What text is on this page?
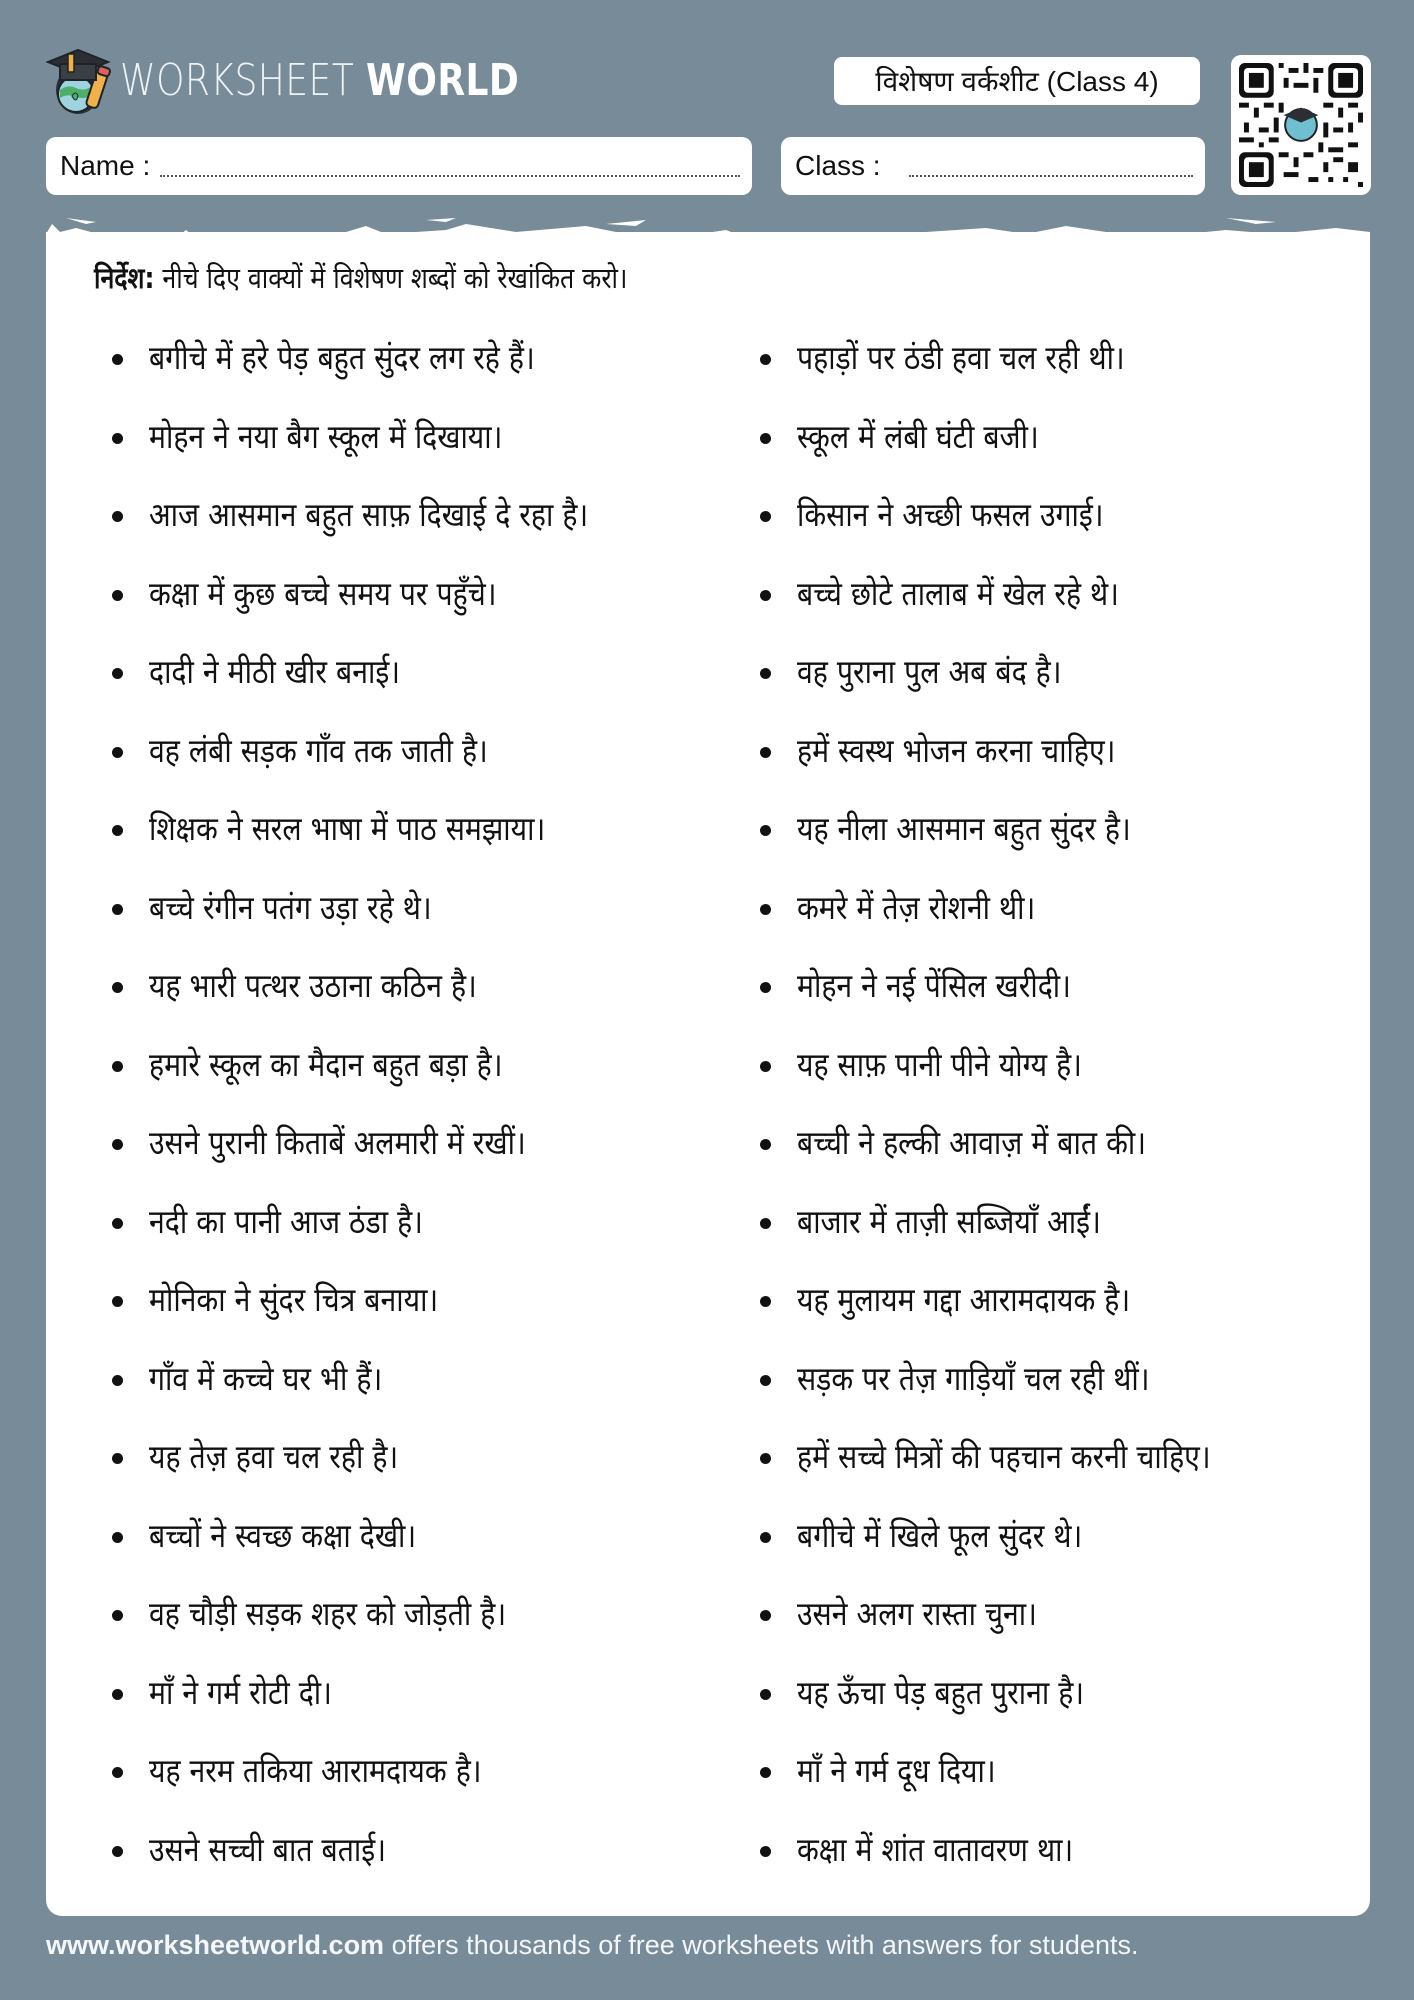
WORKSHEET WORLD	विशेषण वर्कशीट (Class 4)
Name :	Class :
निर्देश: नीचे दिए वाक्यों में विशेषण शब्दों को रेखांकित करो।
बगीचे में हरे पेड़ बहुत सुंदर लग रहे हैं।
मोहन ने नया बैग स्कूल में दिखाया।
आज आसमान बहुत साफ़ दिखाई दे रहा है।
कक्षा में कुछ बच्चे समय पर पहुँचे।
दादी ने मीठी खीर बनाई।
वह लंबी सड़क गाँव तक जाती है।
शिक्षक ने सरल भाषा में पाठ समझाया।
बच्चे रंगीन पतंग उड़ा रहे थे।
यह भारी पत्थर उठाना कठिन है।
हमारे स्कूल का मैदान बहुत बड़ा है।
उसने पुरानी किताबें अलमारी में रखीं।
नदी का पानी आज ठंडा है।
मोनिका ने सुंदर चित्र बनाया।
गाँव में कच्चे घर भी हैं।
यह तेज़ हवा चल रही है।
बच्चों ने स्वच्छ कक्षा देखी।
वह चौड़ी सड़क शहर को जोड़ती है।
माँ ने गर्म रोटी दी।
यह नरम तकिया आरामदायक है।
उसने सच्ची बात बताई।
पहाड़ों पर ठंडी हवा चल रही थी।
स्कूल में लंबी घंटी बजी।
किसान ने अच्छी फसल उगाई।
बच्चे छोटे तालाब में खेल रहे थे।
वह पुराना पुल अब बंद है।
हमें स्वस्थ भोजन करना चाहिए।
यह नीला आसमान बहुत सुंदर है।
कमरे में तेज़ रोशनी थी।
मोहन ने नई पेंसिल खरीदी।
यह साफ़ पानी पीने योग्य है।
बच्ची ने हल्की आवाज़ में बात की।
बाजार में ताज़ी सब्जियाँ आईं।
यह मुलायम गद्दा आरामदायक है।
सड़क पर तेज़ गाड़ियाँ चल रही थीं।
हमें सच्चे मित्रों की पहचान करनी चाहिए।
बगीचे में खिले फूल सुंदर थे।
उसने अलग रास्ता चुना।
यह ऊँचा पेड़ बहुत पुराना है।
माँ ने गर्म दूध दिया।
कक्षा में शांत वातावरण था।
www.worksheetworld.com offers thousands of free worksheets with answers for students.
